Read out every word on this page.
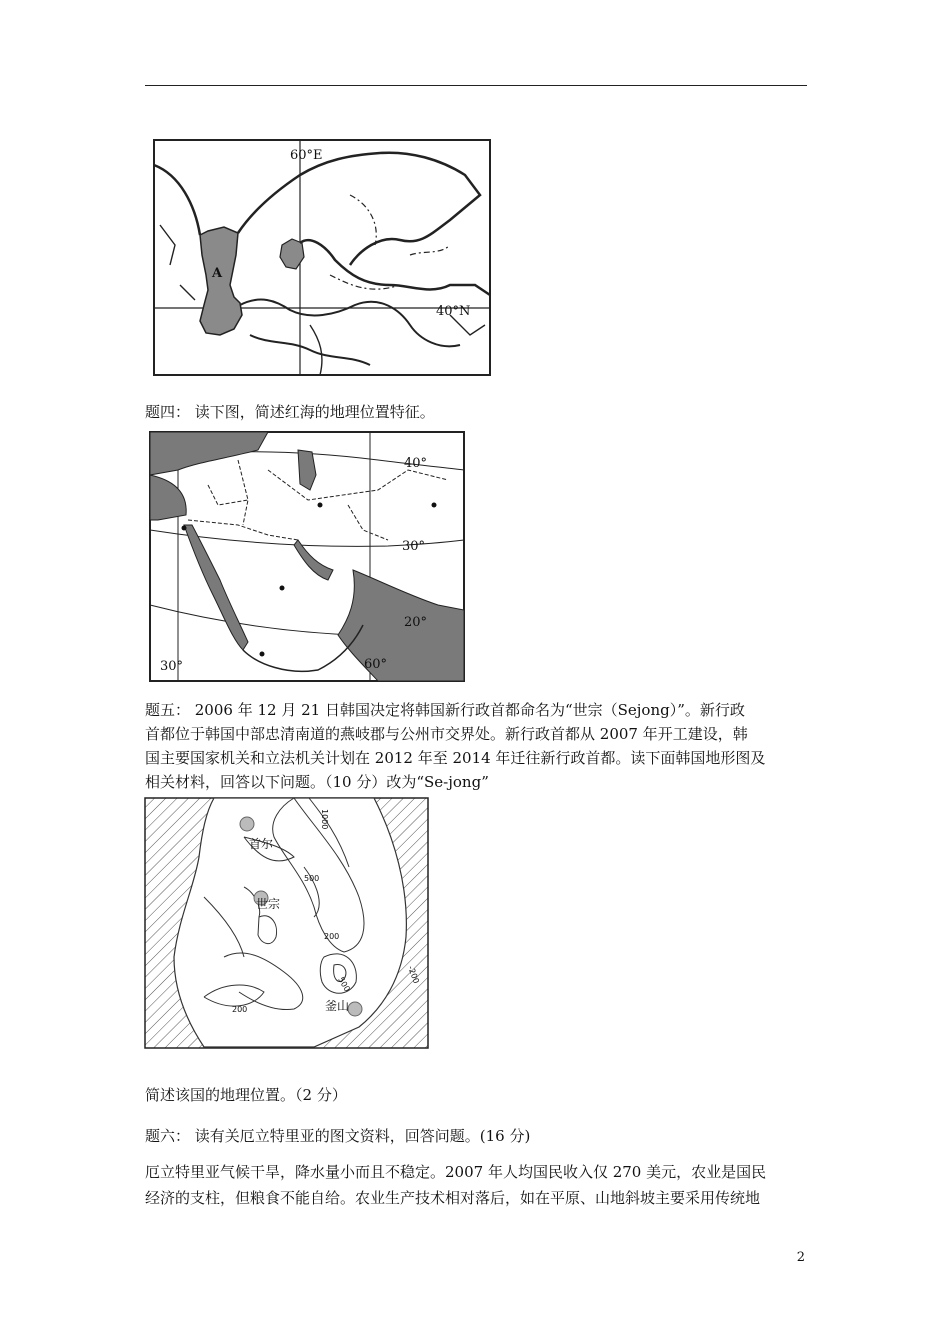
60°E
40°N
A
题四： 读下图，简述红海的地理位置特征。
40°
30°
20°
30°	60°
题五： 2006 年 12 月 21 日韩国决定将韩国新行政首都命名为“世宗（Sejong）”。新行政
首都位于韩国中部忠清南道的燕岐郡与公州市交界处。新行政首都从 2007 年开工建设，韩
国主要国家机关和立法机关计划在 2012 年至 2014 年迁往新行政首都。读下面韩国地形图及
相关材料，回答以下问题。（10 分）改为“Se-jong”
首尔
世宗
釜山
1000
500
500
200
200
-200
简述该国的地理位置。（2 分）
题六： 读有关厄立特里亚的图文资料，回答问题。(16 分)
厄立特里亚气候干旱，降水量小而且不稳定。2007 年人均国民收入仅 270 美元，农业是国民
经济的支柱，但粮食不能自给。农业生产技术相对落后，如在平原、山地斜坡主要采用传统地
2
